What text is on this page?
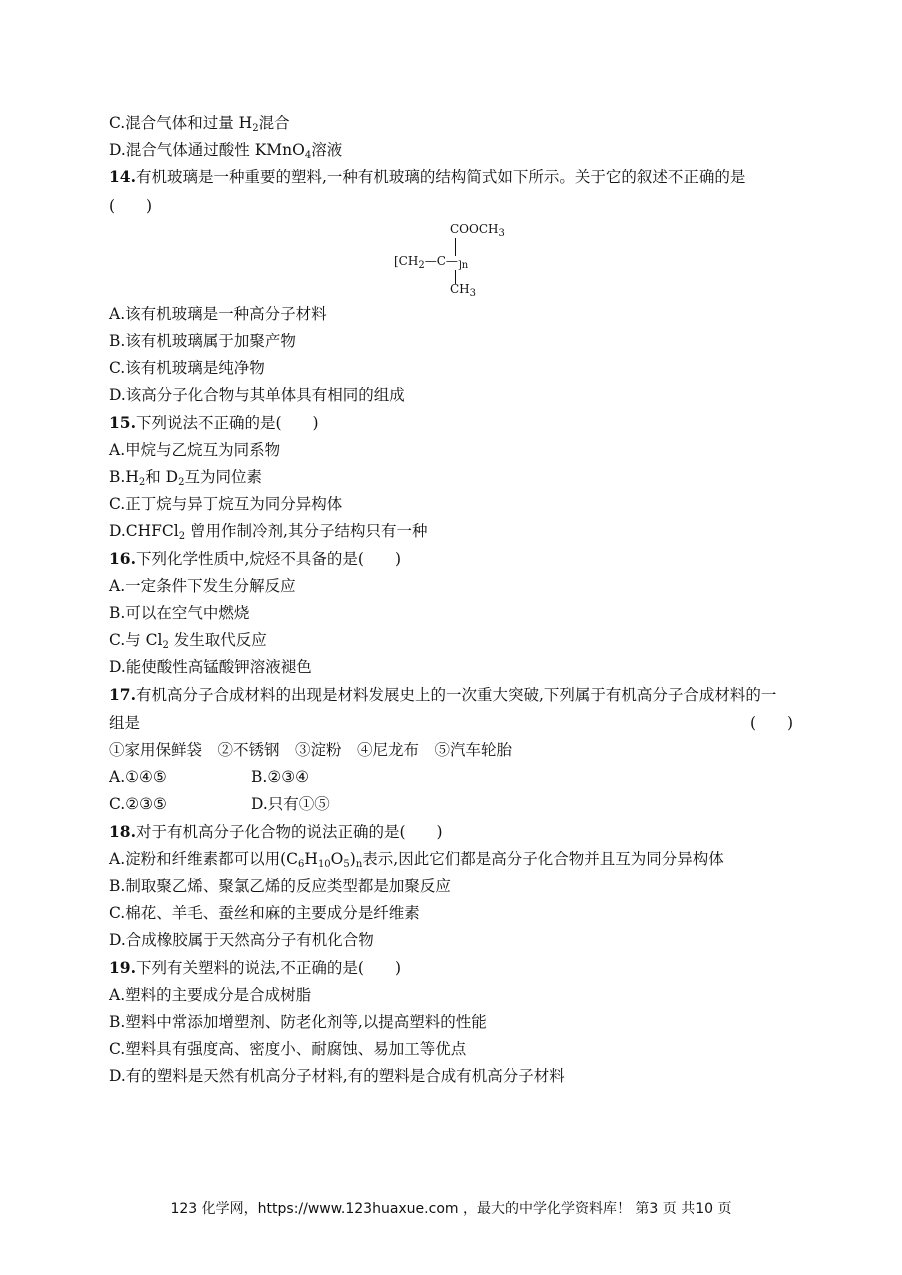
C.混合气体和过量 $H_2$混合
D.混合气体通过酸性 KMnO$_4$溶液
14.有机玻璃是一种重要的塑料,一种有机玻璃的结构简式如下所示。关于它的叙述不正确的是
(　　)
$COOCH_3$
[$CH_2—C—_{]n}$
$CH_3$
A.该有机玻璃是一种高分子材料
B.该有机玻璃属于加聚产物
C.该有机玻璃是纯净物
D.该高分子化合物与其单体具有相同的组成
15.下列说法不正确的是(　　)
A.甲烷与乙烷互为同系物
$B.H_2$和 $D_2$互为同位素
C.正丁烷与异丁烷互为同分异构体
D.CHFCl$_2$ 曾用作制冷剂,其分子结构只有一种
16.下列化学性质中,烷烃不具备的是(　　)
A.一定条件下发生分解反应
B.可以在空气中燃烧
C.与 $Cl_2$ 发生取代反应
D.能使酸性高锰酸钾溶液褪色
17.有机高分子合成材料的出现是材料发展史上的一次重大突破,下列属于有机高分子合成材料的一
组是	(　　)
①家用保鲜袋　②不锈钢　③淀粉　④尼龙布　⑤汽车轮胎
A.①④⑤	B.②③④
C.②③⑤	D.只有①⑤
18.对于有机高分子化合物的说法正确的是(　　)
A.淀粉和纤维素都可以用$(C_6H_{10}O_5)_n$表示,因此它们都是高分子化合物并且互为同分异构体
B.制取聚乙烯、聚氯乙烯的反应类型都是加聚反应
C.棉花、羊毛、蚕丝和麻的主要成分是纤维素
D.合成橡胶属于天然高分子有机化合物
19.下列有关塑料的说法,不正确的是(　　)
A.塑料的主要成分是合成树脂
B.塑料中常添加增塑剂、防老化剂等,以提高塑料的性能
C.塑料具有强度高、密度小、耐腐蚀、易加工等优点
D.有的塑料是天然有机高分子材料,有的塑料是合成有机高分子材料
123 化学网，https://www.123huaxue.com ，最大的中学化学资料库！ 第3 页 共10 页
